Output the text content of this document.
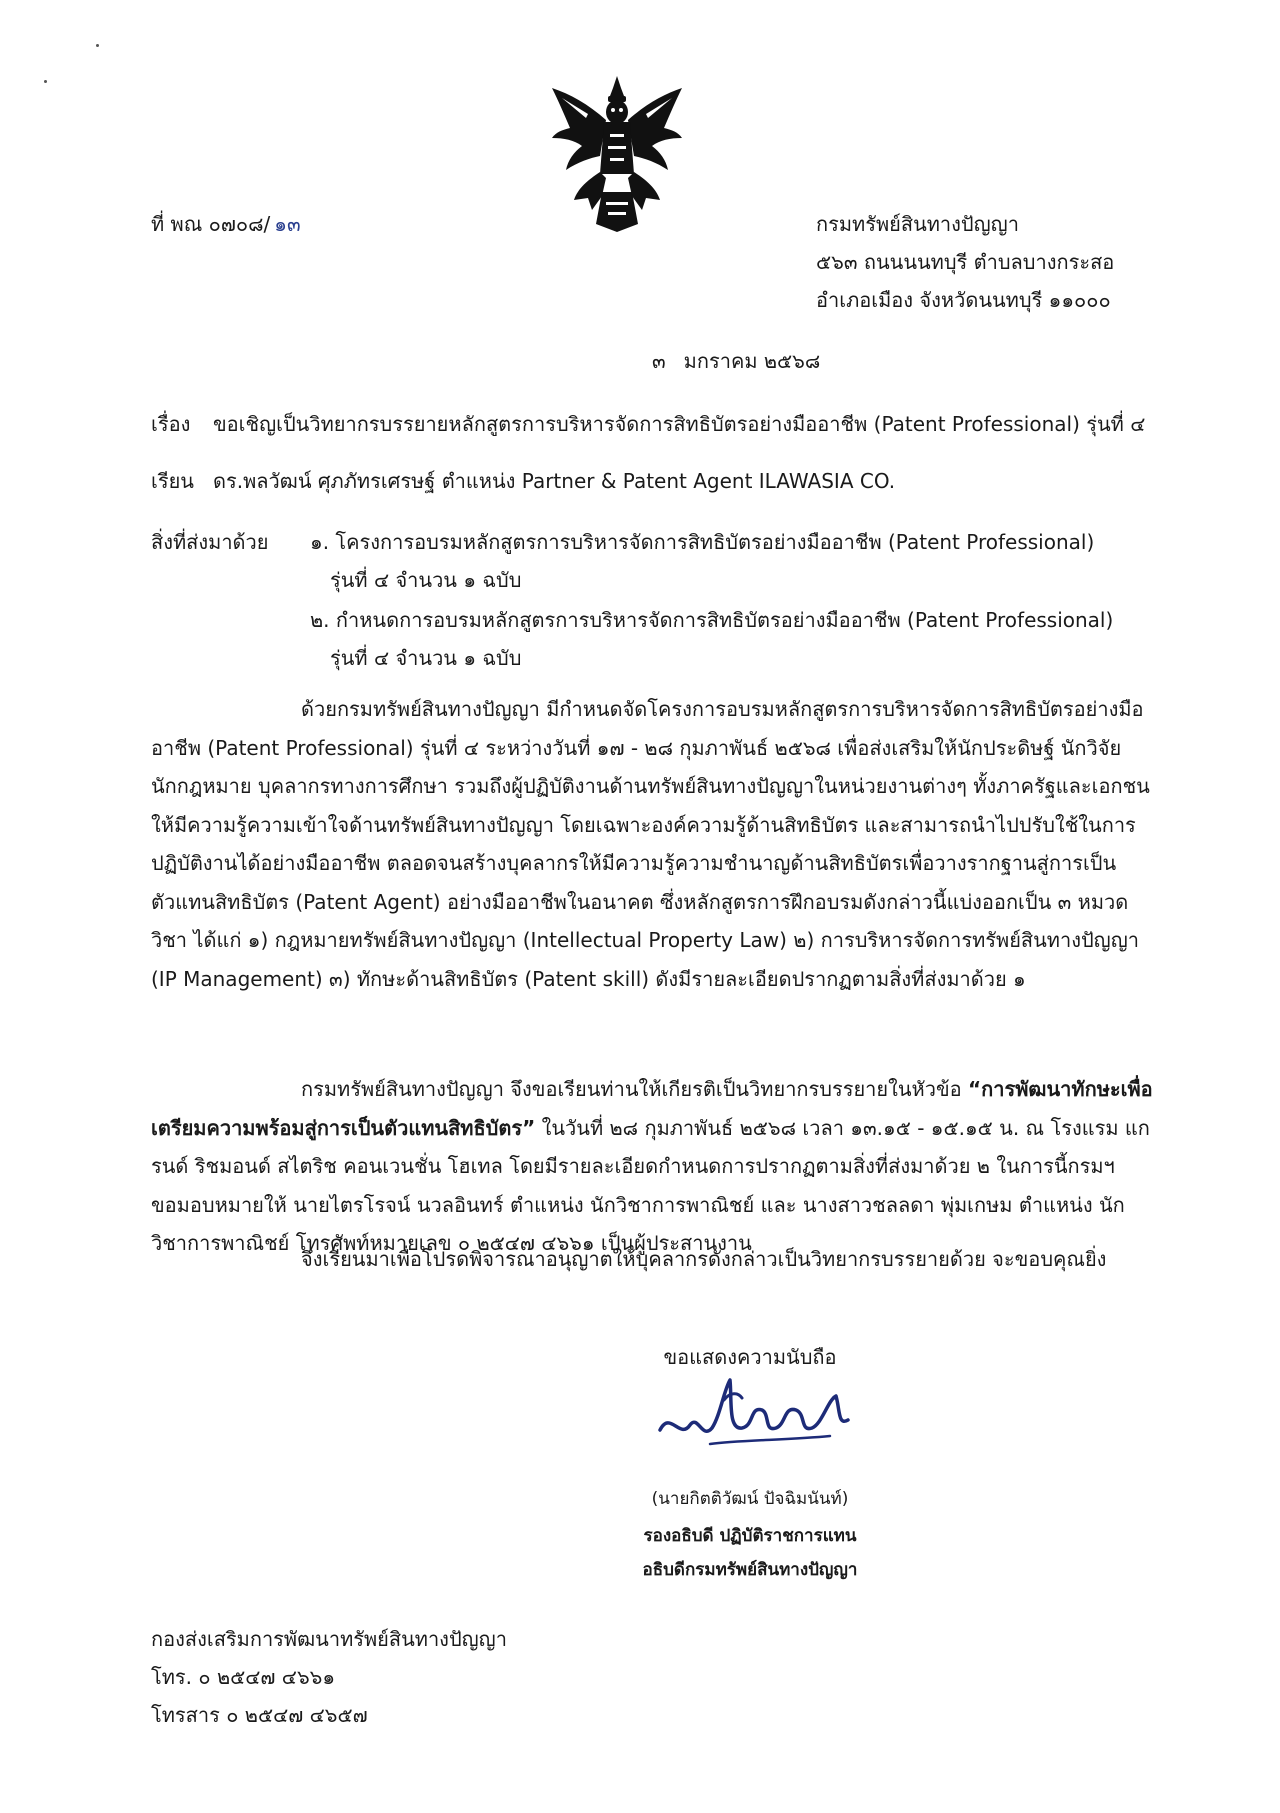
ที่ พณ ๐๗๐๘/ ๑๓	กรมทรัพย์สินทางปัญญา
๕๖๓ ถนนนนทบุรี ตำบลบางกระสอ
อำเภอเมือง จังหวัดนนทบุรี ๑๑๐๐๐
๓ มกราคม ๒๕๖๘
เรื่อง ขอเชิญเป็นวิทยากรบรรยายหลักสูตรการบริหารจัดการสิทธิบัตรอย่างมืออาชีพ (Patent Professional) รุ่นที่ ๔
เรียน ดร.พลวัฒน์ ศุภภัทรเศรษฐ์ ตำแหน่ง Partner & Patent Agent ILAWASIA CO.
สิ่งที่ส่งมาด้วย ๑. โครงการอบรมหลักสูตรการบริหารจัดการสิทธิบัตรอย่างมืออาชีพ (Patent Professional)
รุ่นที่ ๔ จำนวน ๑ ฉบับ
๒. กำหนดการอบรมหลักสูตรการบริหารจัดการสิทธิบัตรอย่างมืออาชีพ (Patent Professional)
รุ่นที่ ๔ จำนวน ๑ ฉบับ
ด้วยกรมทรัพย์สินทางปัญญา มีกำหนดจัดโครงการอบรมหลักสูตรการบริหารจัดการสิทธิบัตรอย่างมืออาชีพ (Patent Professional) รุ่นที่ ๔ ระหว่างวันที่ ๑๗ - ๒๘ กุมภาพันธ์ ๒๕๖๘ เพื่อส่งเสริมให้นักประดิษฐ์ นักวิจัย นักกฎหมาย บุคลากรทางการศึกษา รวมถึงผู้ปฏิบัติงานด้านทรัพย์สินทางปัญญาในหน่วยงานต่างๆ ทั้งภาครัฐและเอกชน ให้มีความรู้ความเข้าใจด้านทรัพย์สินทางปัญญา โดยเฉพาะองค์ความรู้ด้านสิทธิบัตร และสามารถนำไปปรับใช้ในการปฏิบัติงานได้อย่างมืออาชีพ ตลอดจนสร้างบุคลากรให้มีความรู้ความชำนาญด้านสิทธิบัตรเพื่อวางรากฐานสู่การเป็นตัวแทนสิทธิบัตร (Patent Agent) อย่างมืออาชีพในอนาคต ซึ่งหลักสูตรการฝึกอบรมดังกล่าวนี้แบ่งออกเป็น ๓ หมวดวิชา ได้แก่ ๑) กฎหมายทรัพย์สินทางปัญญา (Intellectual Property Law) ๒) การบริหารจัดการทรัพย์สินทางปัญญา (IP Management) ๓) ทักษะด้านสิทธิบัตร (Patent skill) ดังมีรายละเอียดปรากฏตามสิ่งที่ส่งมาด้วย ๑
กรมทรัพย์สินทางปัญญา จึงขอเรียนท่านให้เกียรติเป็นวิทยากรบรรยายในหัวข้อ “การพัฒนาทักษะเพื่อเตรียมความพร้อมสู่การเป็นตัวแทนสิทธิบัตร” ในวันที่ ๒๘ กุมภาพันธ์ ๒๕๖๘ เวลา ๑๓.๑๕ - ๑๕.๑๕ น. ณ โรงแรม แกรนด์ ริชมอนด์ สไตริช คอนเวนชั่น โฮเทล โดยมีรายละเอียดกำหนดการปรากฏตามสิ่งที่ส่งมาด้วย ๒ ในการนี้กรมฯ ขอมอบหมายให้ นายไตรโรจน์ นวลอินทร์ ตำแหน่ง นักวิชาการพาณิชย์ และ นางสาวชลลดา พุ่มเกษม ตำแหน่ง นักวิชาการพาณิชย์ โทรศัพท์หมายเลข ๐ ๒๕๔๗ ๔๖๖๑ เป็นผู้ประสานงาน
จึงเรียนมาเพื่อโปรดพิจารณาอนุญาตให้บุคลากรดังกล่าวเป็นวิทยากรบรรยายด้วย จะขอบคุณยิ่ง
ขอแสดงความนับถือ
(นายกิตติวัฒน์ ปัจฉิมนันท์)
รองอธิบดี ปฏิบัติราชการแทน
อธิบดีกรมทรัพย์สินทางปัญญา
กองส่งเสริมการพัฒนาทรัพย์สินทางปัญญา
โทร. ๐ ๒๕๔๗ ๔๖๖๑
โทรสาร ๐ ๒๕๔๗ ๔๖๕๗
